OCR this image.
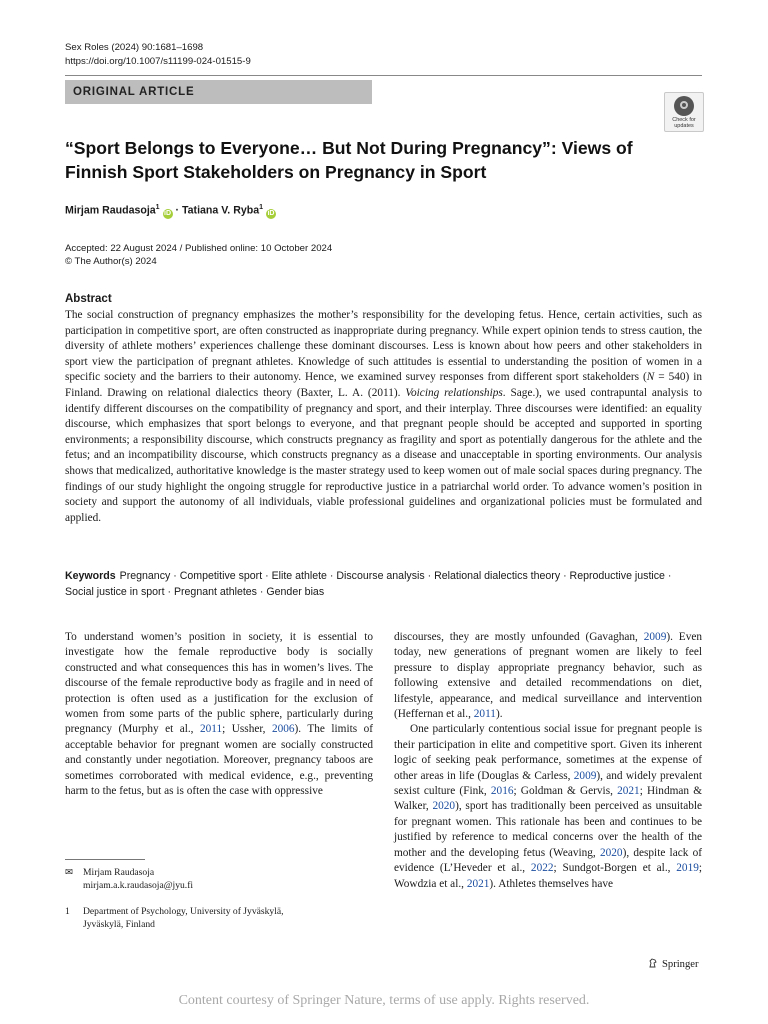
Sex Roles (2024) 90:1681–1698
https://doi.org/10.1007/s11199-024-01515-9
ORIGINAL ARTICLE
Check for
updates
“Sport Belongs to Everyone… But Not During Pregnancy”: Views of Finnish Sport Stakeholders on Pregnancy in Sport
Mirjam Raudasoja$^1$ iD · Tatiana V. Ryba$^1$ iD
Accepted: 22 August 2024 / Published online: 10 October 2024
© The Author(s) 2024
Abstract

The social construction of pregnancy emphasizes the mother’s responsibility for the developing fetus. Hence, certain activities, such as participation in competitive sport, are often constructed as inappropriate during pregnancy. While expert opinion tends to stress caution, the diversity of athlete mothers’ experiences challenge these dominant discourses. Less is known about how peers and other stakeholders in sport view the participation of pregnant athletes. Knowledge of such attitudes is essential to understanding the position of women in a specific society and the barriers to their autonomy. Hence, we examined survey responses from different sport stakeholders (N = 540) in Finland. Drawing on relational dialectics theory (Baxter, L. A. (2011). Voicing relationships. Sage.), we used contrapuntal analysis to identify different discourses on the compatibility of pregnancy and sport, and their interplay. Three discourses were identified: an equality discourse, which emphasizes that sport belongs to everyone, and that pregnant people should be accepted and supported in sporting environments; a responsibility discourse, which constructs pregnancy as fragility and sport as potentially dangerous for the athlete and the fetus; and an incompatibility discourse, which constructs pregnancy as a disease and unacceptable in sporting environments. Our analysis shows that medicalized, authoritative knowledge is the master strategy used to keep women out of male social spaces during pregnancy. The findings of our study highlight the ongoing struggle for reproductive justice in a patriarchal world order. To advance women’s position in society and support the autonomy of all individuals, viable professional guidelines and organizational policies must be formulated and applied.

Keywords Pregnancy · Competitive sport · Elite athlete · Discourse analysis · Relational dialectics theory · Reproductive justice · Social justice in sport · Pregnant athletes · Gender bias

To understand women’s position in society, it is essential to investigate how the female reproductive body is socially constructed and what consequences this has in women’s lives. The discourse of the female reproductive body as fragile and in need of protection is often used as a justification for the exclusion of women from some parts of the public sphere, particularly during pregnancy (Murphy et al., 2011; Ussher, 2006). The limits of acceptable behavior for pregnant women are socially constructed and constantly under negotiation. Moreover, pregnancy taboos are sometimes corroborated with medical evidence, e.g., preventing harm to the fetus, but as is often the case with oppressive

discourses, they are mostly unfounded (Gavaghan, 2009). Even today, new generations of pregnant women are likely to feel pressure to display appropriate pregnancy behavior, such as following extensive and detailed recommendations on diet, lifestyle, appearance, and medical surveillance and intervention (Heffernan et al., 2011).

One particularly contentious social issue for pregnant people is their participation in elite and competitive sport. Given its inherent logic of seeking peak performance, sometimes at the expense of other areas in life (Douglas & Carless, 2009), and widely prevalent sexist culture (Fink, 2016; Goldman & Gervis, 2021; Hindman & Walker, 2020), sport has traditionally been perceived as unsuitable for pregnant women. This rationale has been and continues to be justified by reference to medical concerns over the health of the mother and the developing fetus (Weaving, 2020), despite lack of evidence (L’Heveder et al., 2022; Sundgot-Borgen et al., 2019; Wowdzia et al., 2021). Athletes themselves have

✉ Mirjam Raudasoja
mirjam.a.k.raudasoja@jyu.fi
1 Department of Psychology, University of Jyväskylä,
Jyväskylä, Finland
Springer
Content courtesy of Springer Nature, terms of use apply. Rights reserved.
